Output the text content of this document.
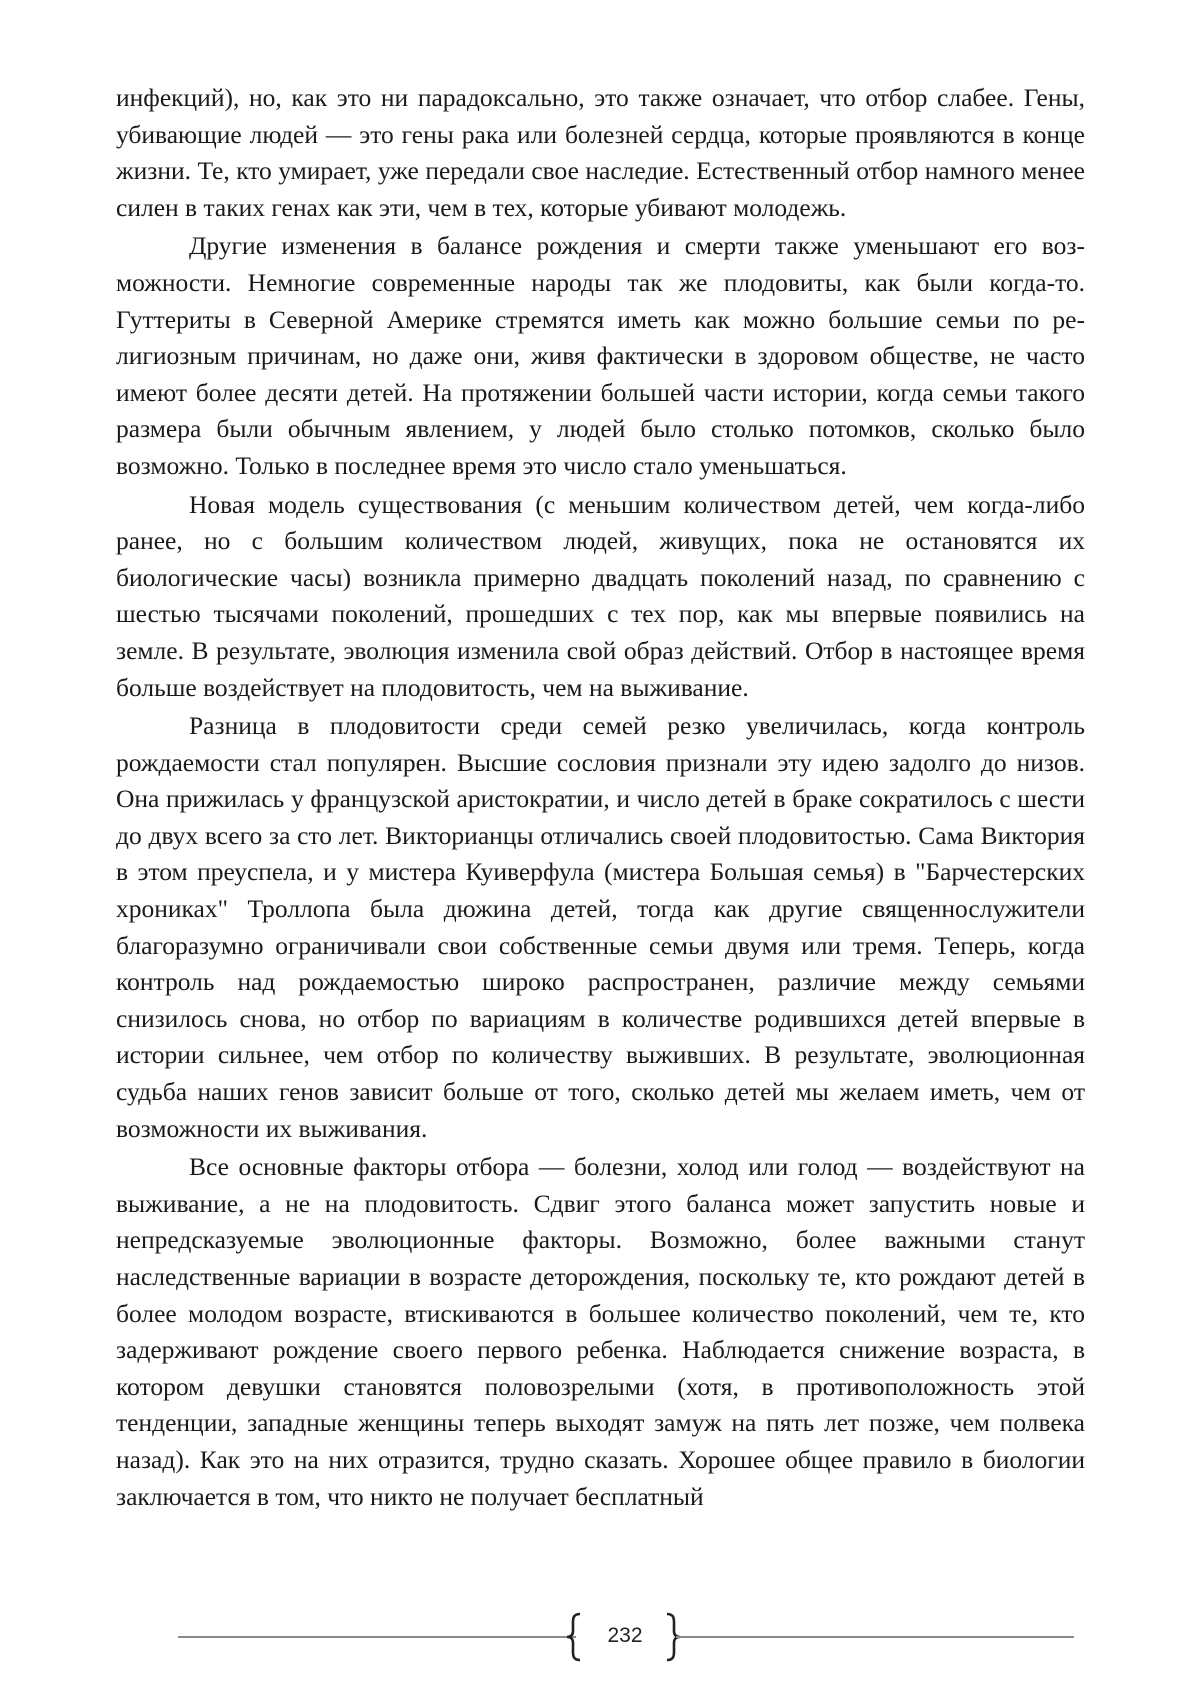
инфекций), но, как это ни парадоксально, это также означает, что отбор слабее. Гены, убивающие людей — это гены рака или болезней сердца, которые прояв­ляются в конце жизни. Те, кто умирает, уже передали свое наследие. Естествен­ный отбор намного менее силен в таких генах как эти, чем в тех, которые убивают молодежь.

Другие изменения в балансе рождения и смерти также уменьшают его воз­можности. Немногие современные народы так же плодовиты, как были когда-то. Гуттериты в Северной Америке стремятся иметь как можно большие семьи по ре­лигиозным причинам, но даже они, живя фактически в здоровом обществе, не ча­сто имеют более десяти детей. На протяжении большей части истории, когда се­мьи такого размера были обычным явлением, у людей было столько потомков, сколько было возможно. Только в последнее время это число стало уменьшаться.

Новая модель существования (с меньшим количеством детей, чем когда-либо ранее, но с большим количеством людей, живущих, пока не остановятся их биологические часы) возникла примерно двадцать поколений назад, по сравнению с шестью тысячами поколений, прошедших с тех пор, как мы впервые появились на земле. В результате, эволюция изменила свой образ действий. Отбор в настоя­щее время больше воздействует на плодовитость, чем на выживание.

Разница в плодовитости среди семей резко увеличилась, когда контроль рождаемости стал популярен. Высшие сословия признали эту идею задолго до ни­зов. Она прижилась у французской аристократии, и число детей в браке сократи­лось с шести до двух всего за сто лет. Викторианцы отличались своей плодовито­стью. Сама Виктория в этом преуспела, и у мистера Куиверфула (мистера Боль­шая семья) в "Барчестерских хрониках" Троллопа была дюжина детей, тогда как другие священнослужители благоразумно ограничивали свои собственные семьи двумя или тремя. Теперь, когда контроль над рождаемостью широко распростра­нен, различие между семьями снизилось снова, но отбор по вариациям в количе­стве родившихся детей впервые в истории сильнее, чем отбор по количеству вы­живших. В результате, эволюционная судьба наших генов зависит больше от того, сколько детей мы желаем иметь, чем от возможности их выживания.

Все основные факторы отбора — болезни, холод или голод — воздействуют на выживание, а не на плодовитость. Сдвиг этого баланса может запустить новые и непредсказуемые эволюционные факторы. Возможно, более важными станут наследственные вариации в возрасте деторождения, поскольку те, кто рождают детей в более молодом возрасте, втискиваются в большее количество поколений, чем те, кто задерживают рождение своего первого ребенка. Наблюдается сниже­ние возраста, в котором девушки становятся половозрелыми (хотя, в противопо­ложность этой тенденции, западные женщины теперь выходят замуж на пять лет позже, чем полвека назад). Как это на них отразится, трудно сказать. Хорошее общее правило в биологии заключается в том, что никто не получает бесплатный

232
